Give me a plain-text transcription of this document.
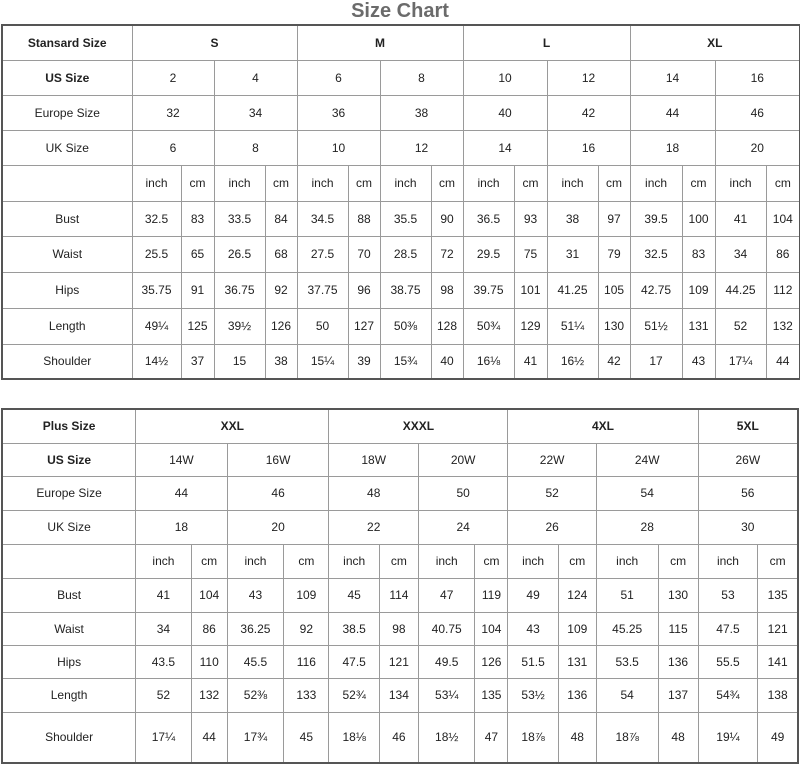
Size Chart
Stansard Size	S				M				L				XL			
US Size	2		4		6		8		10		12		14		16	
Europe Size	32		34		36		38		40		42		44		46	
UK Size	6		8		10		12		14		16		18		20	
	inch	cm	inch	cm	inch	cm	inch	cm	inch	cm	inch	cm	inch	cm	inch	cm
Bust	32.5	83	33.5	84	34.5	88	35.5	90	36.5	93	38	97	39.5	100	41	104
Waist	25.5	65	26.5	68	27.5	70	28.5	72	29.5	75	31	79	32.5	83	34	86
Hips	35.75	91	36.75	92	37.75	96	38.75	98	39.75	101	41.25	105	42.75	109	44.25	112
Length	49¼	125	39½	126	50	127	50⅜	128	50¾	129	51¼	130	51½	131	52	132
Shoulder	14½	37	15	38	15¼	39	15¾	40	16⅛	41	16½	42	17	43	17¼	44
Plus Size	XXL				XXXL				4XL				5XL	
US Size	14W		16W		18W		20W		22W		24W		26W	
Europe Size	44		46		48		50		52		54		56	
UK Size	18		20		22		24		26		28		30	
	inch	cm	inch	cm	inch	cm	inch	cm	inch	cm	inch	cm	inch	cm
Bust	41	104	43	109	45	114	47	119	49	124	51	130	53	135
Waist	34	86	36.25	92	38.5	98	40.75	104	43	109	45.25	115	47.5	121
Hips	43.5	110	45.5	116	47.5	121	49.5	126	51.5	131	53.5	136	55.5	141
Length	52	132	52⅜	133	52¾	134	53¼	135	53½	136	54	137	54¾	138
Shoulder	17¼	44	17¾	45	18⅛	46	18½	47	18⅞	48	18⅞	48	19¼	49
